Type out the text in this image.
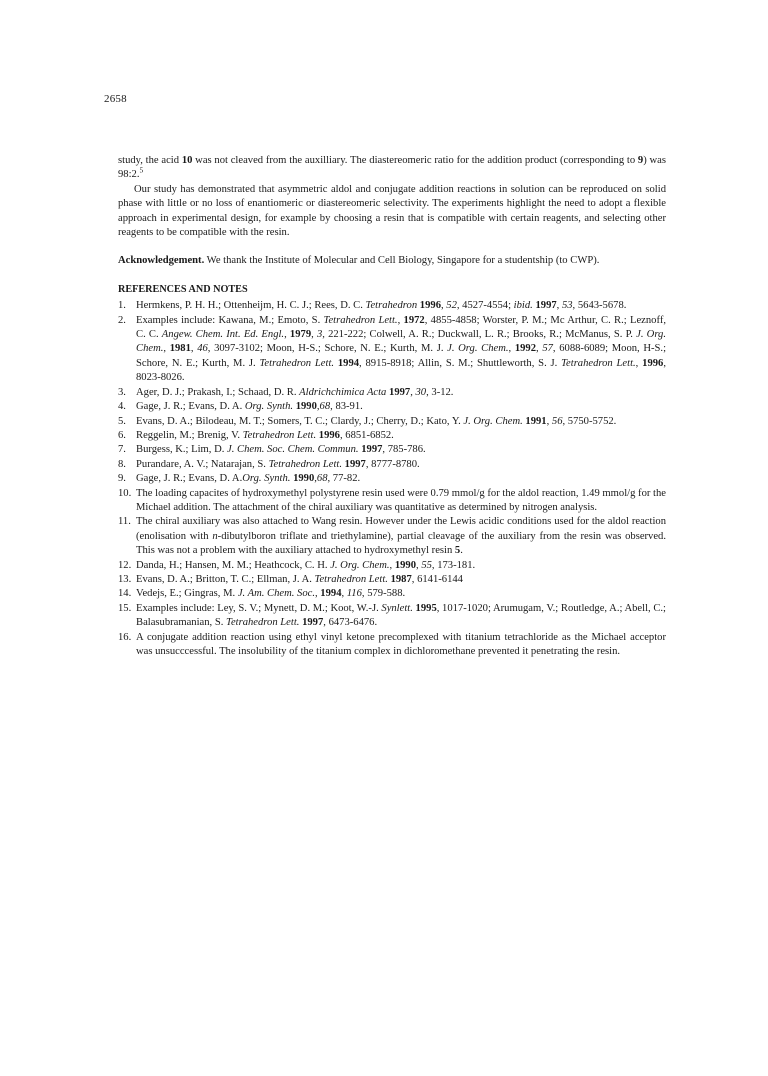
2658

study, the acid 10 was not cleaved from the auxilliary. The diastereomeric ratio for the addition product (corresponding to 9) was 98:2.$^5$

Our study has demonstrated that asymmetric aldol and conjugate addition reactions in solution can be reproduced on solid phase with little or no loss of enantiomeric or diastereomeric selectivity. The experiments highlight the need to adopt a flexible approach in experimental design, for example by choosing a resin that is compatible with certain reagents, and selecting other reagents to be compatible with the resin.

Acknowledgement. We thank the Institute of Molecular and Cell Biology, Singapore for a studentship (to CWP).

REFERENCES AND NOTES
1. Hermkens, P. H. H.; Ottenheijm, H. C. J.; Rees, D. C. Tetrahedron 1996, 52, 4527-4554; ibid. 1997, 53, 5643-5678.
2. Examples include: Kawana, M.; Emoto, S. Tetrahedron Lett., 1972, 4855-4858; Worster, P. M.; Mc Arthur, C. R.; Leznoff, C. C. Angew. Chem. Int. Ed. Engl., 1979, 3, 221-222; Colwell, A. R.; Duckwall, L. R.; Brooks, R.; McManus, S. P. J. Org. Chem., 1981, 46, 3097-3102; Moon, H-S.; Schore, N. E.; Kurth, M. J. J. Org. Chem., 1992, 57, 6088-6089; Moon, H-S.; Schore, N. E.; Kurth, M. J. Tetrahedron Lett. 1994, 8915-8918; Allin, S. M.; Shuttleworth, S. J. Tetrahedron Lett., 1996, 8023-8026.
3. Ager, D. J.; Prakash, I.; Schaad, D. R. Aldrichchimica Acta 1997, 30, 3-12.
4. Gage, J. R.; Evans, D. A. Org. Synth. 1990,68, 83-91.
5. Evans, D. A.; Bilodeau, M. T.; Somers, T. C.; Clardy, J.; Cherry, D.; Kato, Y. J. Org. Chem. 1991, 56, 5750-5752.
6. Reggelin, M.; Brenig, V. Tetrahedron Lett. 1996, 6851-6852.
7. Burgess, K.; Lim, D. J. Chem. Soc. Chem. Commun. 1997, 785-786.
8. Purandare, A. V.; Natarajan, S. Tetrahedron Lett. 1997, 8777-8780.
9. Gage, J. R.; Evans, D. A.Org. Synth. 1990,68, 77-82.
10. The loading capacites of hydroxymethyl polystyrene resin used were 0.79 mmol/g for the aldol reaction, 1.49 mmol/g for the Michael addition. The attachment of the chiral auxiliary was quantitative as determined by nitrogen analysis.
11. The chiral auxiliary was also attached to Wang resin. However under the Lewis acidic conditions used for the aldol reaction (enolisation with n-dibutylboron triflate and triethylamine), partial cleavage of the auxiliary from the resin was observed. This was not a problem with the auxiliary attached to hydroxymethyl resin 5.
12. Danda, H.; Hansen, M. M.; Heathcock, C. H. J. Org. Chem., 1990, 55, 173-181.
13. Evans, D. A.; Britton, T. C.; Ellman, J. A. Tetrahedron Lett. 1987, 6141-6144
14. Vedejs, E.; Gingras, M. J. Am. Chem. Soc., 1994, 116, 579-588.
15. Examples include: Ley, S. V.; Mynett, D. M.; Koot, W.-J. Synlett. 1995, 1017-1020; Arumugam, V.; Routledge, A.; Abell, C.; Balasubramanian, S. Tetrahedron Lett. 1997, 6473-6476.
16. A conjugate addition reaction using ethyl vinyl ketone precomplexed with titanium tetrachloride as the Michael acceptor was unsucccessful. The insolubility of the titanium complex in dichloromethane prevented it penetrating the resin.
